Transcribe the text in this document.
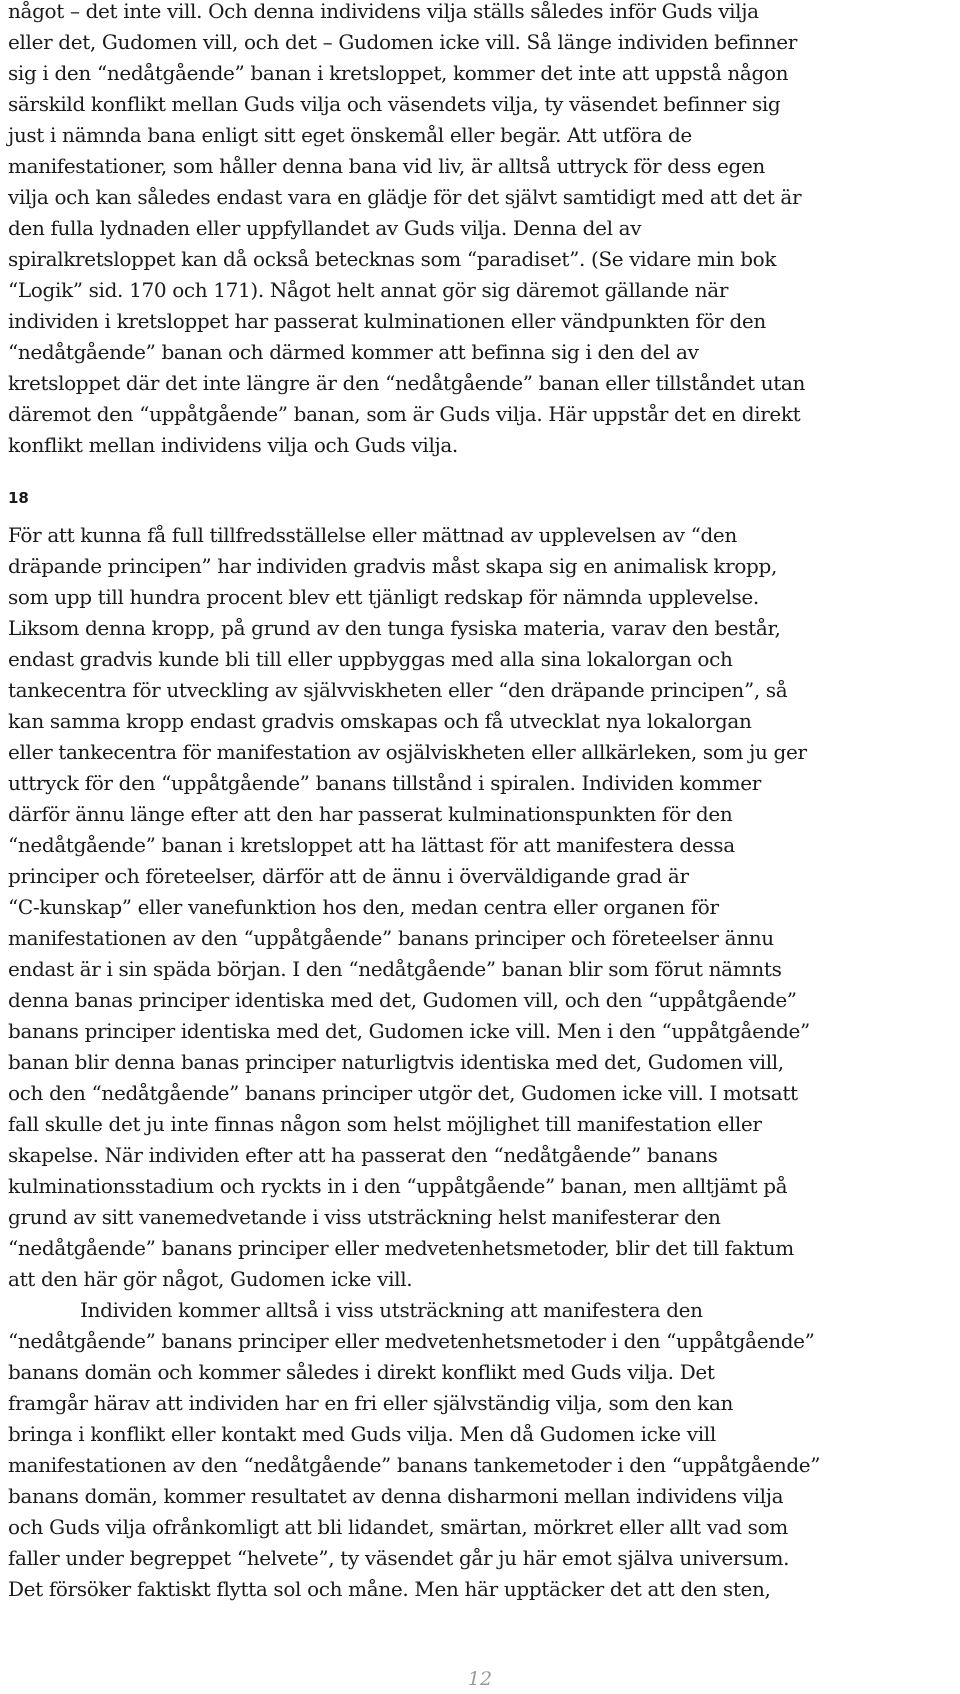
något – det inte vill. Och denna individens vilja ställs således inför Guds vilja
eller det, Gudomen vill, och det – Gudomen icke vill. Så länge individen befinner
sig i den “nedåtgående” banan i kretsloppet, kommer det inte att uppstå någon
särskild konflikt mellan Guds vilja och väsendets vilja, ty väsendet befinner sig
just i nämnda bana enligt sitt eget önskemål eller begär. Att utföra de
manifestationer, som håller denna bana vid liv, är alltså uttryck för dess egen
vilja och kan således endast vara en glädje för det självt samtidigt med att det är
den fulla lydnaden eller uppfyllandet av Guds vilja. Denna del av
spiralkretsloppet kan då också betecknas som “paradiset”. (Se vidare min bok
“Logik” sid. 170 och 171). Något helt annat gör sig däremot gällande när
individen i kretsloppet har passerat kulminationen eller vändpunkten för den
“nedåtgående” banan och därmed kommer att befinna sig i den del av
kretsloppet där det inte längre är den “nedåtgående” banan eller tillståndet utan
däremot den “uppåtgående” banan, som är Guds vilja. Här uppstår det en direkt
konflikt mellan individens vilja och Guds vilja.
18
För att kunna få full tillfredsställelse eller mättnad av upplevelsen av “den
dräpande principen” har individen gradvis måst skapa sig en animalisk kropp,
som upp till hundra procent blev ett tjänligt redskap för nämnda upplevelse.
Liksom denna kropp, på grund av den tunga fysiska materia, varav den består,
endast gradvis kunde bli till eller uppbyggas med alla sina lokalorgan och
tankecentra för utveckling av självviskheten eller “den dräpande principen”, så
kan samma kropp endast gradvis omskapas och få utvecklat nya lokalorgan
eller tankecentra för manifestation av osjälviskheten eller allkärleken, som ju ger
uttryck för den “uppåtgående” banans tillstånd i spiralen. Individen kommer
därför ännu länge efter att den har passerat kulminationspunkten för den
“nedåtgående” banan i kretsloppet att ha lättast för att manifestera dessa
principer och företeelser, därför att de ännu i överväldigande grad är
“C-kunskap” eller vanefunktion hos den, medan centra eller organen för
manifestationen av den “uppåtgående” banans principer och företeelser ännu
endast är i sin späda början. I den “nedåtgående” banan blir som förut nämnts
denna banas principer identiska med det, Gudomen vill, och den “uppåtgående”
banans principer identiska med det, Gudomen icke vill. Men i den “uppåtgående”
banan blir denna banas principer naturligtvis identiska med det, Gudomen vill,
och den “nedåtgående” banans principer utgör det, Gudomen icke vill. I motsatt
fall skulle det ju inte finnas någon som helst möjlighet till manifestation eller
skapelse. När individen efter att ha passerat den “nedåtgående” banans
kulminationsstadium och ryckts in i den “uppåtgående” banan, men alltjämt på
grund av sitt vanemedvetande i viss utsträckning helst manifesterar den
“nedåtgående” banans principer eller medvetenhetsmetoder, blir det till faktum
att den här gör något, Gudomen icke vill.
Individen kommer alltså i viss utsträckning att manifestera den
“nedåtgående” banans principer eller medvetenhetsmetoder i den “uppåtgående”
banans domän och kommer således i direkt konflikt med Guds vilja. Det
framgår härav att individen har en fri eller självständig vilja, som den kan
bringa i konflikt eller kontakt med Guds vilja. Men då Gudomen icke vill
manifestationen av den “nedåtgående” banans tankemetoder i den “uppåtgående”
banans domän, kommer resultatet av denna disharmoni mellan individens vilja
och Guds vilja ofrånkomligt att bli lidandet, smärtan, mörkret eller allt vad som
faller under begreppet “helvete”, ty väsendet går ju här emot själva universum.
Det försöker faktiskt flytta sol och måne. Men här upptäcker det att den sten,
12
